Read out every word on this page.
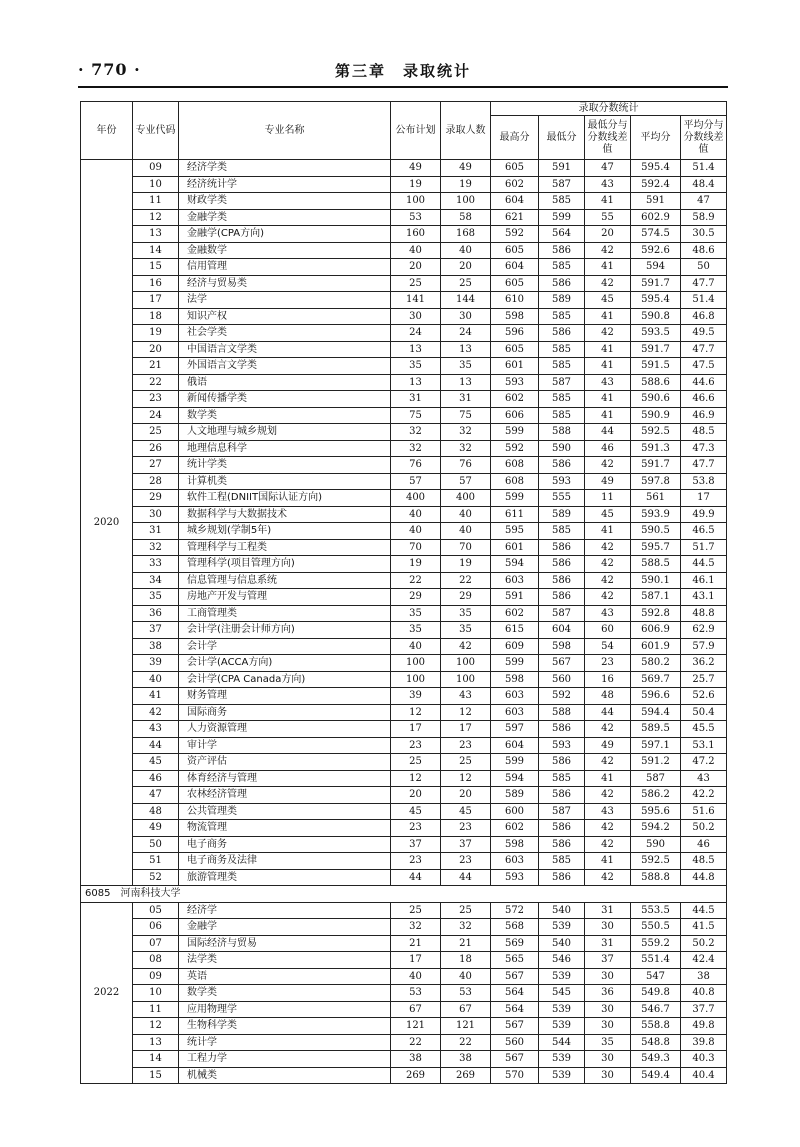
· 770 ·	第三章　录取统计
年份	专业代码	专业名称	公布计划	录取人数	录取分数统计				
					最高分	最低分	最低分与分数线差值	平均分	平均分与分数线差值
2020	09	经济学类	49	49	605	591	47	595.4	51.4
	10	经济统计学	19	19	602	587	43	592.4	48.4
	11	财政学类	100	100	604	585	41	591	47
	12	金融学类	53	58	621	599	55	602.9	58.9
	13	金融学(CPA方向)	160	168	592	564	20	574.5	30.5
	14	金融数学	40	40	605	586	42	592.6	48.6
	15	信用管理	20	20	604	585	41	594	50
	16	经济与贸易类	25	25	605	586	42	591.7	47.7
	17	法学	141	144	610	589	45	595.4	51.4
	18	知识产权	30	30	598	585	41	590.8	46.8
	19	社会学类	24	24	596	586	42	593.5	49.5
	20	中国语言文学类	13	13	605	585	41	591.7	47.7
	21	外国语言文学类	35	35	601	585	41	591.5	47.5
	22	俄语	13	13	593	587	43	588.6	44.6
	23	新闻传播学类	31	31	602	585	41	590.6	46.6
	24	数学类	75	75	606	585	41	590.9	46.9
	25	人文地理与城乡规划	32	32	599	588	44	592.5	48.5
	26	地理信息科学	32	32	592	590	46	591.3	47.3
	27	统计学类	76	76	608	586	42	591.7	47.7
	28	计算机类	57	57	608	593	49	597.8	53.8
	29	软件工程(DNIIT国际认证方向)	400	400	599	555	11	561	17
	30	数据科学与大数据技术	40	40	611	589	45	593.9	49.9
	31	城乡规划(学制5年)	40	40	595	585	41	590.5	46.5
	32	管理科学与工程类	70	70	601	586	42	595.7	51.7
	33	管理科学(项目管理方向)	19	19	594	586	42	588.5	44.5
	34	信息管理与信息系统	22	22	603	586	42	590.1	46.1
	35	房地产开发与管理	29	29	591	586	42	587.1	43.1
	36	工商管理类	35	35	602	587	43	592.8	48.8
	37	会计学(注册会计师方向)	35	35	615	604	60	606.9	62.9
	38	会计学	40	42	609	598	54	601.9	57.9
	39	会计学(ACCA方向)	100	100	599	567	23	580.2	36.2
	40	会计学(CPA Canada方向)	100	100	598	560	16	569.7	25.7
	41	财务管理	39	43	603	592	48	596.6	52.6
	42	国际商务	12	12	603	588	44	594.4	50.4
	43	人力资源管理	17	17	597	586	42	589.5	45.5
	44	审计学	23	23	604	593	49	597.1	53.1
	45	资产评估	25	25	599	586	42	591.2	47.2
	46	体育经济与管理	12	12	594	585	41	587	43
	47	农林经济管理	20	20	589	586	42	586.2	42.2
	48	公共管理类	45	45	600	587	43	595.6	51.6
	49	物流管理	23	23	602	586	42	594.2	50.2
	50	电子商务	37	37	598	586	42	590	46
	51	电子商务及法律	23	23	603	585	41	592.5	48.5
	52	旅游管理类	44	44	593	586	42	588.8	44.8
6085　河南科技大学									
2022	05	经济学	25	25	572	540	31	553.5	44.5
	06	金融学	32	32	568	539	30	550.5	41.5
	07	国际经济与贸易	21	21	569	540	31	559.2	50.2
	08	法学类	17	18	565	546	37	551.4	42.4
	09	英语	40	40	567	539	30	547	38
	10	数学类	53	53	564	545	36	549.8	40.8
	11	应用物理学	67	67	564	539	30	546.7	37.7
	12	生物科学类	121	121	567	539	30	558.8	49.8
	13	统计学	22	22	560	544	35	548.8	39.8
	14	工程力学	38	38	567	539	30	549.3	40.3
	15	机械类	269	269	570	539	30	549.4	40.4
